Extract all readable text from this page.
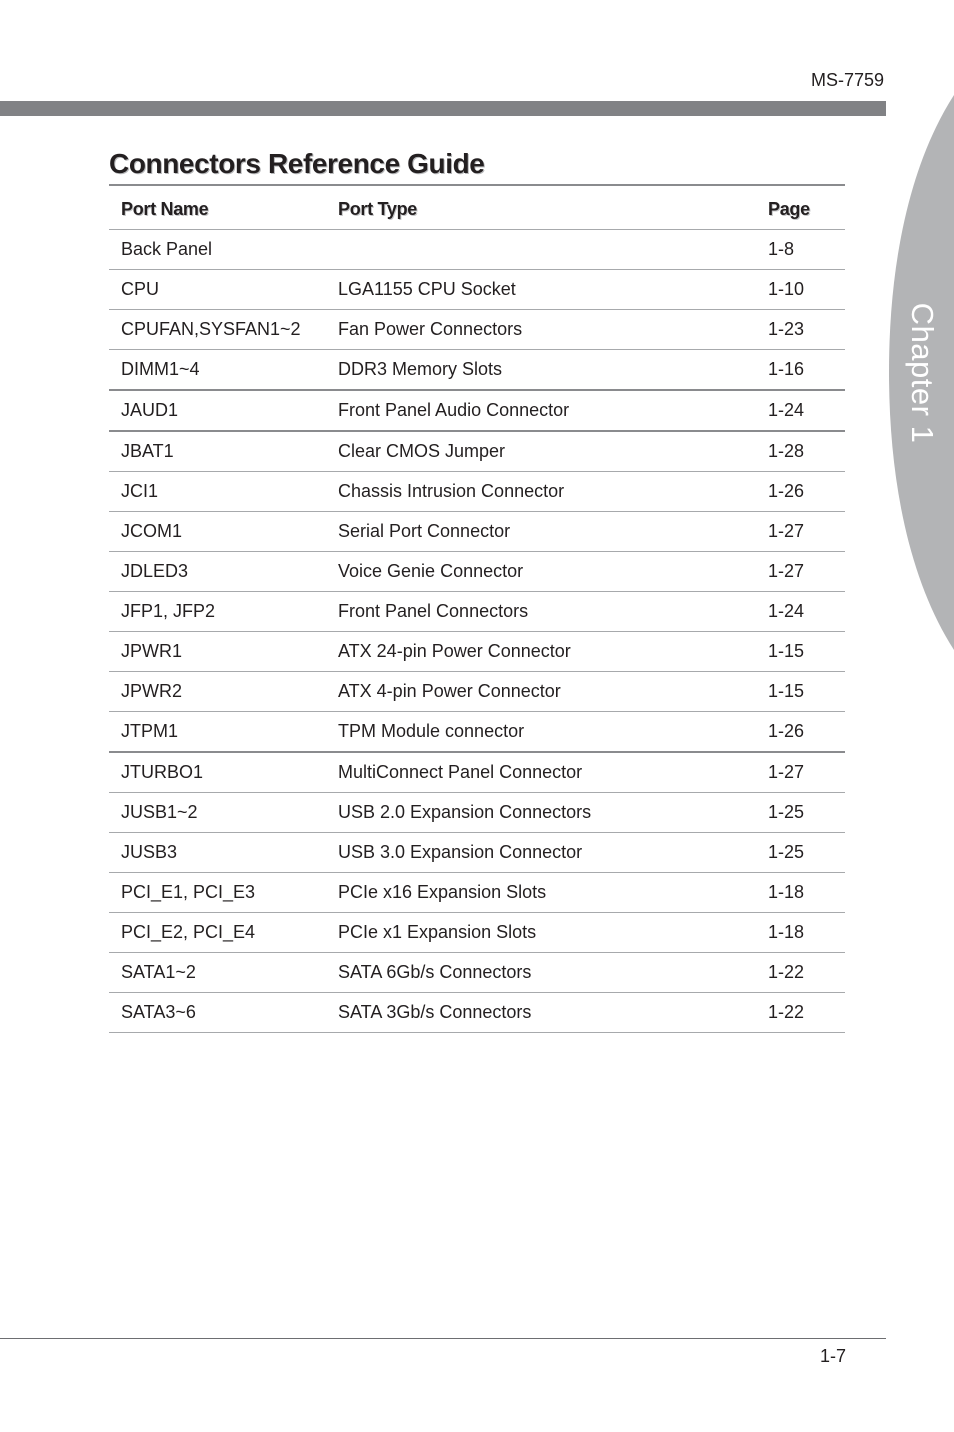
MS-7759
Chapter 1
Connectors Reference Guide
Port Name	Port Type	Page
Back Panel		1-8
CPU	LGA1155 CPU Socket	1-10
CPUFAN,SYSFAN1~2	Fan Power Connectors	1-23
DIMM1~4	DDR3 Memory Slots	1-16
JAUD1	Front Panel Audio Connector	1-24
JBAT1	Clear CMOS Jumper	1-28
JCI1	Chassis Intrusion Connector	1-26
JCOM1	Serial Port Connector	1-27
JDLED3	Voice Genie Connector	1-27
JFP1, JFP2	Front Panel Connectors	1-24
JPWR1	ATX 24-pin Power Connector	1-15
JPWR2	ATX 4-pin Power Connector	1-15
JTPM1	TPM Module connector	1-26
JTURBO1	MultiConnect Panel Connector	1-27
JUSB1~2	USB 2.0 Expansion Connectors	1-25
JUSB3	USB 3.0 Expansion Connector	1-25
PCI_E1, PCI_E3	PCIe x16 Expansion Slots	1-18
PCI_E2, PCI_E4	PCIe x1 Expansion Slots	1-18
SATA1~2	SATA 6Gb/s Connectors	1-22
SATA3~6	SATA 3Gb/s Connectors	1-22
1-7
